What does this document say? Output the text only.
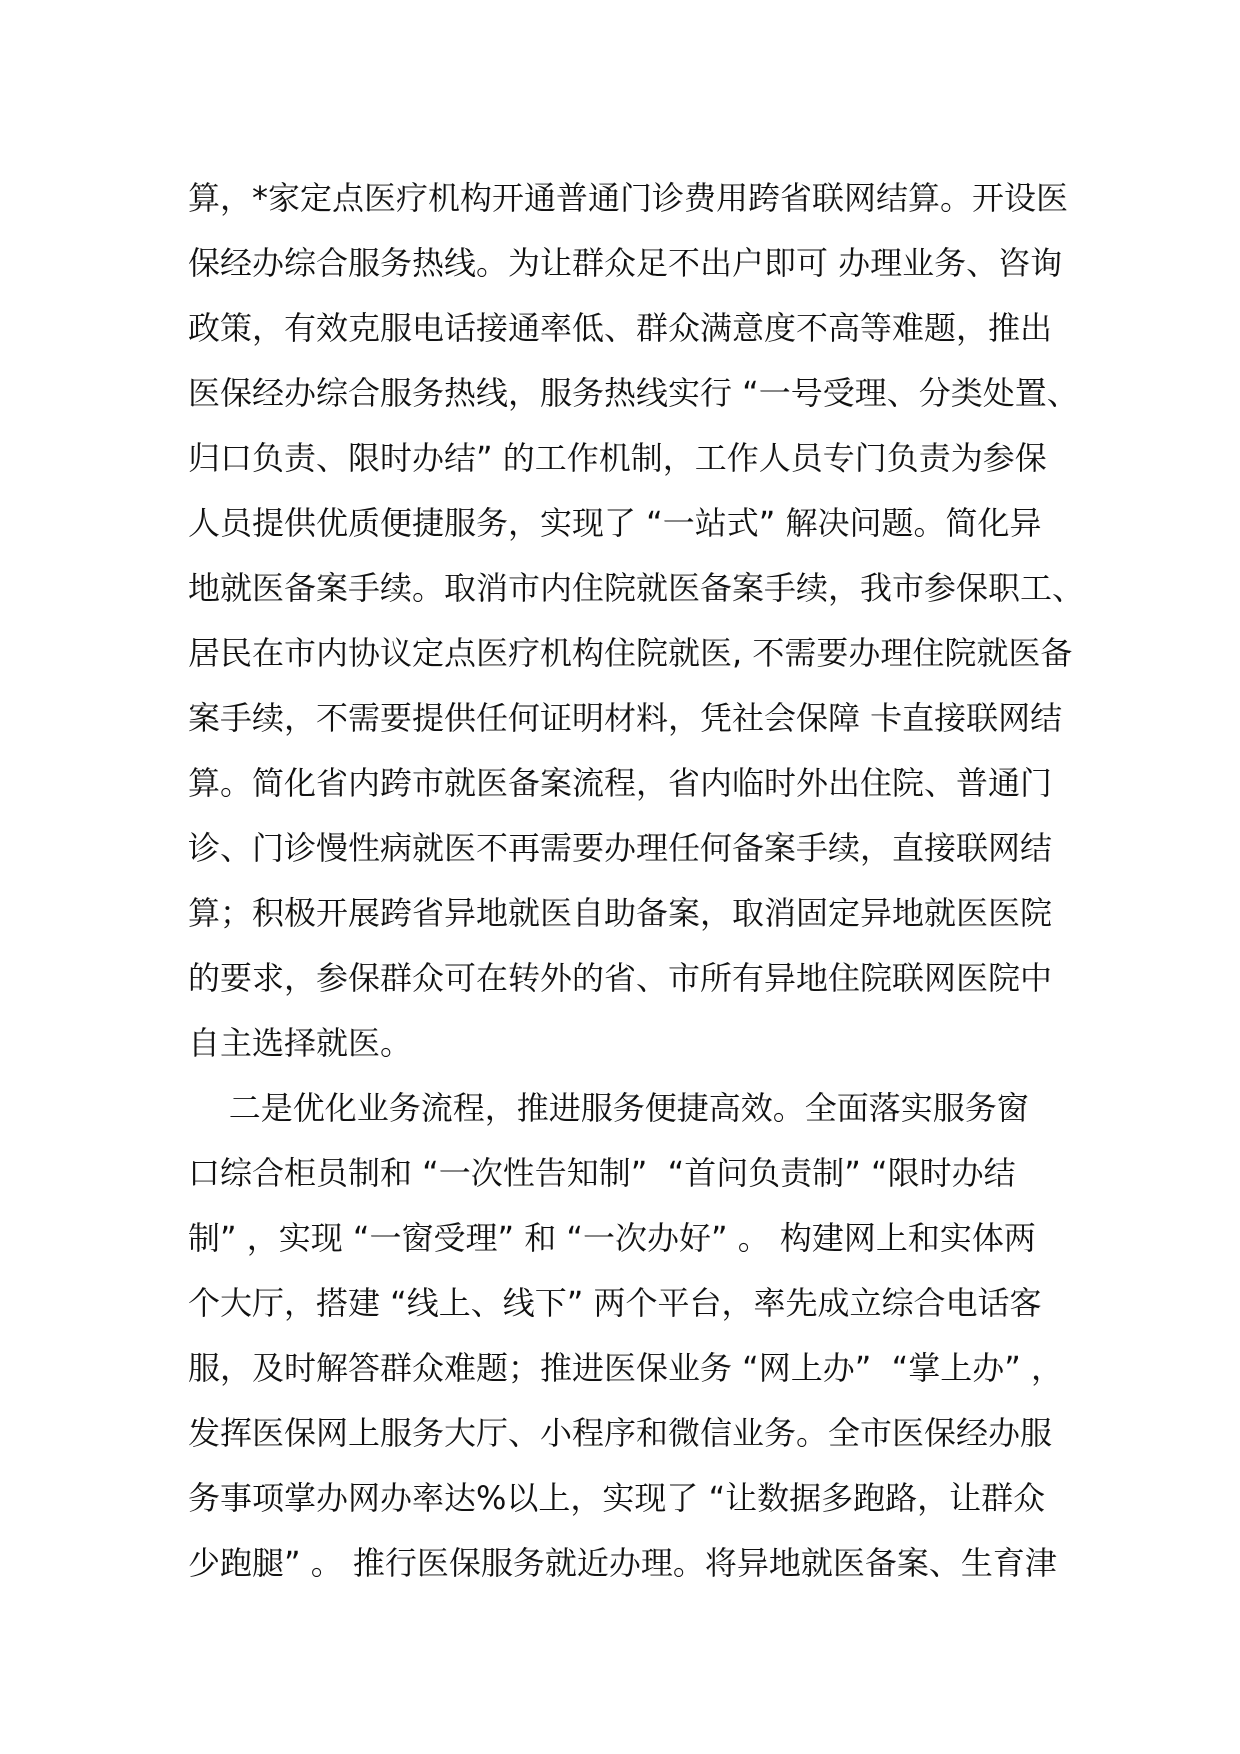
算，*家定点医疗机构开通普通门诊费用跨省联网结算。开设医
保经办综合服务热线。为让群众足不出户即可 办理业务、咨询
政策，有效克服电话接通率低、群众满意度不高等难题，推出
医保经办综合服务热线，服务热线实行 “一号受理、分类处置、
归口负责、限时办结” 的工作机制，工作人员专门负责为参保
人员提供优质便捷服务，实现了 “一站式” 解决问题。简化异
地就医备案手续。取消市内住院就医备案手续，我市参保职工、
居民在市内协议定点医疗机构住院就医, 不需要办理住院就医备
案手续，不需要提供任何证明材料，凭社会保障 卡直接联网结
算。简化省内跨市就医备案流程，省内临时外出住院、普通门
诊、门诊慢性病就医不再需要办理任何备案手续，直接联网结
算；积极开展跨省异地就医自助备案，取消固定异地就医医院
的要求，参保群众可在转外的省、市所有异地住院联网医院中
自主选择就医。
二是优化业务流程，推进服务便捷高效。全面落实服务窗
口综合柜员制和 “一次性告知制”  “首问负责制” “限时办结
制” ，实现 “一窗受理” 和 “一次办好” 。 构建网上和实体两
个大厅，搭建 “线上、线下” 两个平台，率先成立综合电话客
服，及时解答群众难题；推进医保业务 “网上办”  “掌上办” ，
发挥医保网上服务大厅、小程序和微信业务。全市医保经办服
务事项掌办网办率达%以上，实现了 “让数据多跑路，让群众
少跑腿” 。 推行医保服务就近办理。将异地就医备案、生育津
